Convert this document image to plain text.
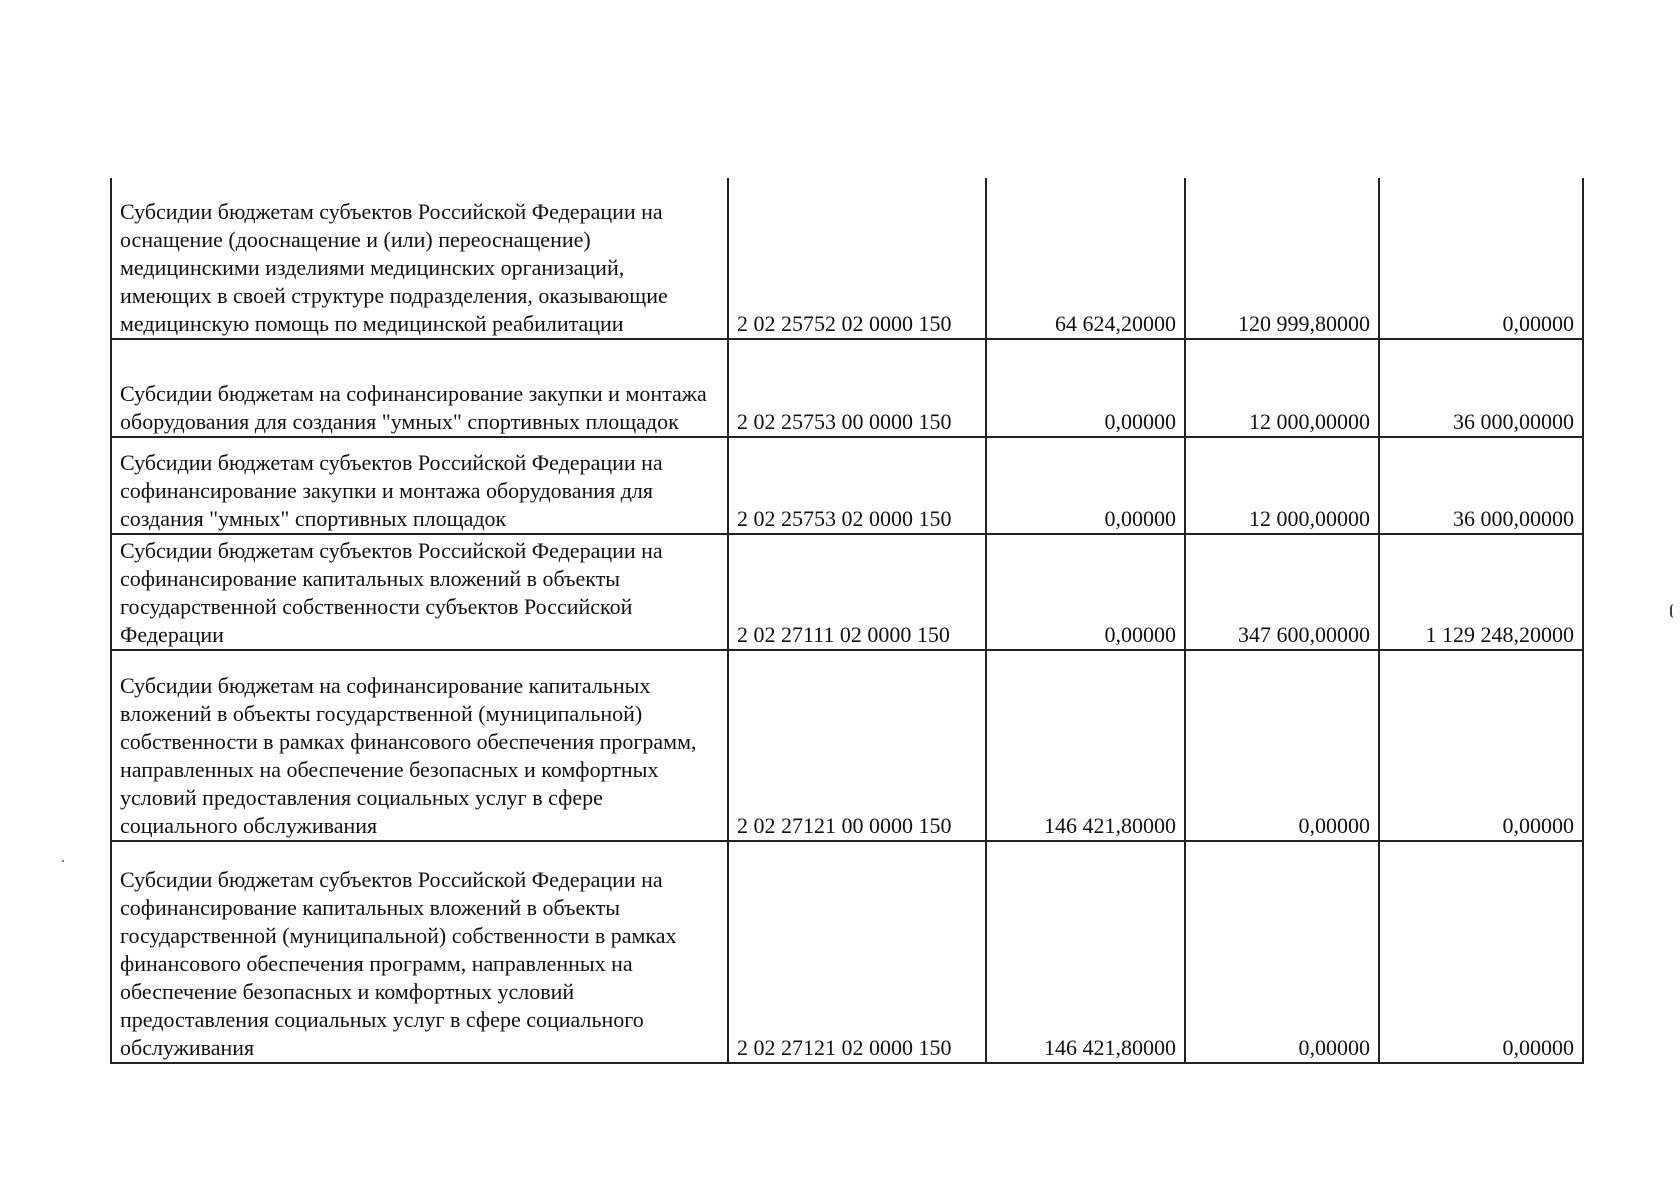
Субсидии бюджетам субъектов Российской Федерации на оснащение (дооснащение и (или) переоснащение) медицинскими изделиями медицинских организаций, имеющих в своей структуре подразделения, оказывающие медицинскую помощь по медицинской реабилитации	2 02 25752 02 0000 150	64 624,20000	120 999,80000	0,00000
Субсидии бюджетам на софинансирование закупки и монтажа оборудования для создания "умных" спортивных площадок	2 02 25753 00 0000 150	0,00000	12 000,00000	36 000,00000
Субсидии бюджетам субъектов Российской Федерации на софинансирование закупки и монтажа оборудования для создания "умных" спортивных площадок	2 02 25753 02 0000 150	0,00000	12 000,00000	36 000,00000
Субсидии бюджетам субъектов Российской Федерации на софинансирование капитальных вложений в объекты государственной собственности субъектов Российской Федерации	2 02 27111 02 0000 150	0,00000	347 600,00000	1 129 248,20000
Субсидии бюджетам на софинансирование капитальных вложений в объекты государственной (муниципальной) собственности в рамках финансового обеспечения программ, направленных на обеспечение безопасных и комфортных условий предоставления социальных услуг в сфере социального обслуживания	2 02 27121 00 0000 150	146 421,80000	0,00000	0,00000
Субсидии бюджетам субъектов Российской Федерации на софинансирование капитальных вложений в объекты государственной (муниципальной) собственности в рамках финансового обеспечения программ, направленных на обеспечение безопасных и комфортных условий предоставления социальных услуг в сфере социального обслуживания	2 02 27121 02 0000 150	146 421,80000	0,00000	0,00000
